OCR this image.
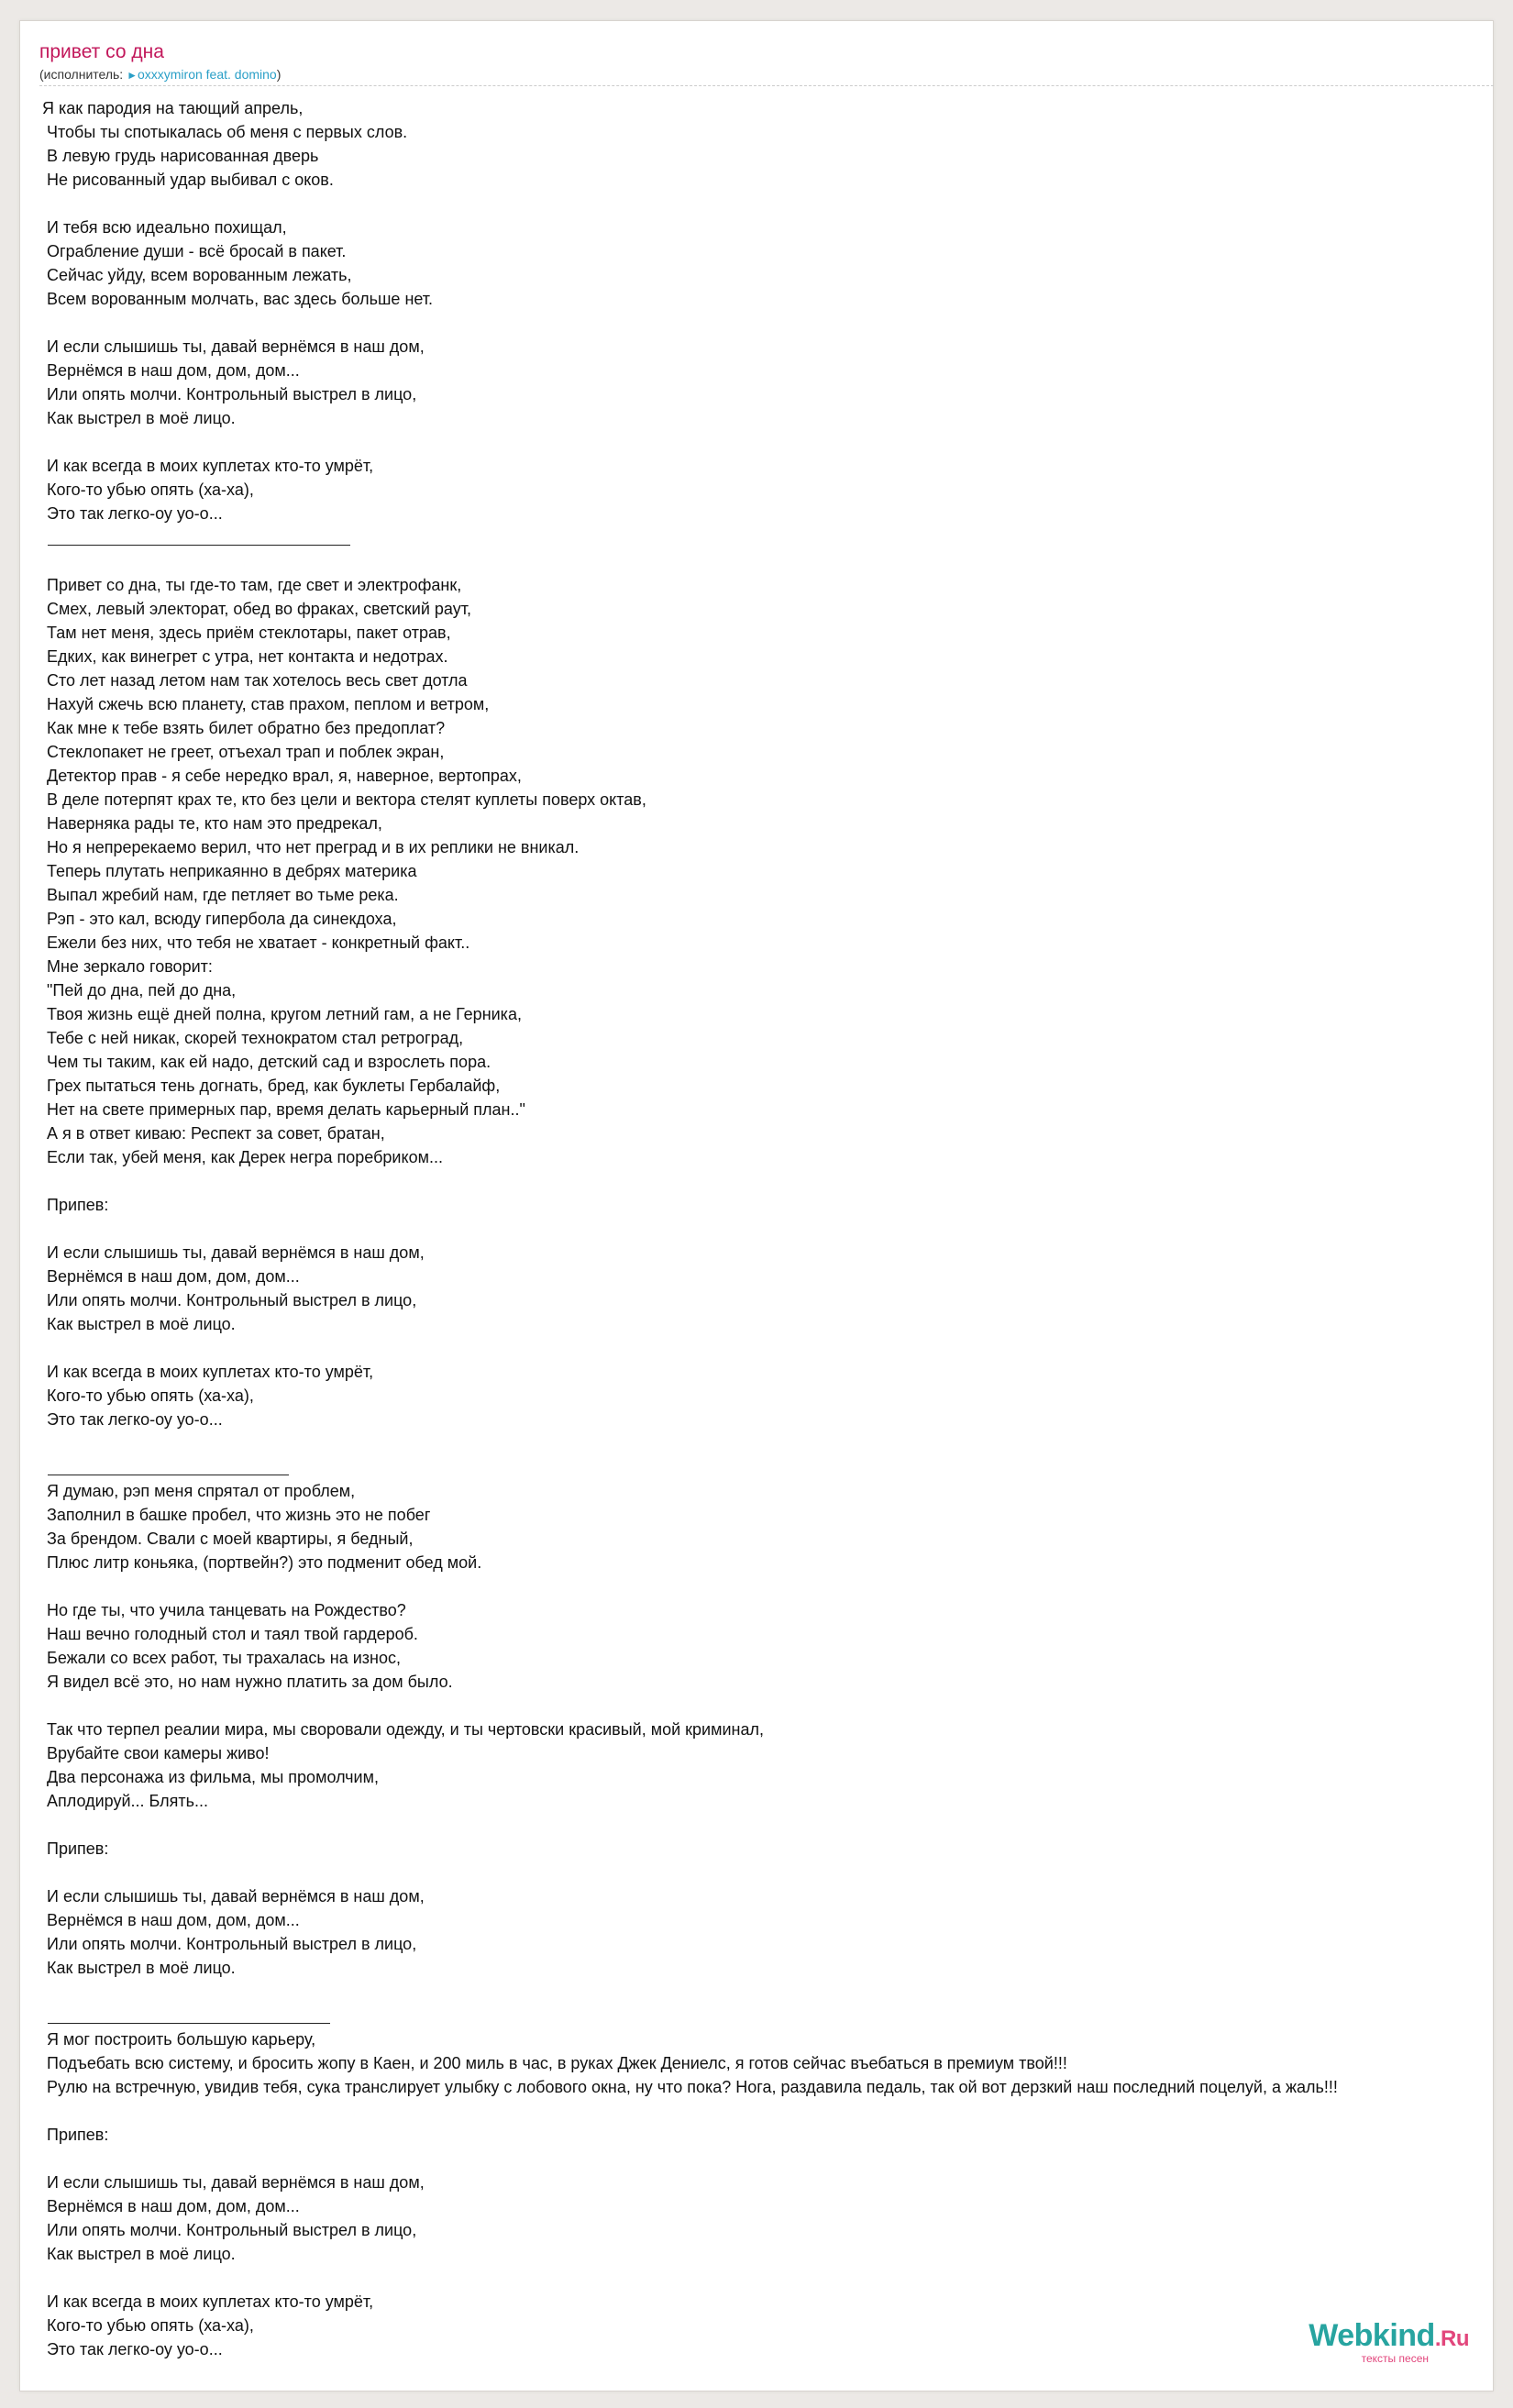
привет со дна
(исполнитель: ►oxxxymiron feat. domino)
Я как пародия на тающий апрель,
Чтобы ты спотыкалась об меня с первых слов.
В левую грудь нарисованная дверь
Не рисованный удар выбивал с оков.
И тебя всю идеально похищал,
Ограбление души - всё бросай в пакет.
Сейчас уйду, всем ворованным лежать,
Всем ворованным молчать, вас здесь больше нет.
И если слышишь ты, давай вернёмся в наш дом,
Вернёмся в наш дом, дом, дом...
Или опять молчи. Контрольный выстрел в лицо,
Как выстрел в моё лицо.
И как всегда в моих куплетах кто-то умрёт,
Кого-то убью опять (ха-ха),
Это так легко-оу уо-о...
Привет со дна, ты где-то там, где свет и электрофанк,
Смех, левый электорат, обед во фраках, светский раут,
Там нет меня, здесь приём стеклотары, пакет отрав,
Едких, как винегрет с утра, нет контакта и недотрах.
Сто лет назад летом нам так хотелось весь свет дотла
Нахуй сжечь всю планету, став прахом, пеплом и ветром,
Как мне к тебе взять билет обратно без предоплат?
Стеклопакет не греет, отъехал трап и поблек экран,
Детектор прав - я себе нередко врал, я, наверное, вертопрах,
В деле потерпят крах те, кто без цели и вектора стелят куплеты поверх октав,
Наверняка рады те, кто нам это предрекал,
Но я непререкаемо верил, что нет преград и в их реплики не вникал.
Теперь плутать неприкаянно в дебрях материка
Выпал жребий нам, где петляет во тьме река.
Рэп - это кал, всюду гипербола да синекдоха,
Ежели без них, что тебя не хватает - конкретный факт..
Мне зеркало говорит:
"Пей до дна, пей до дна,
Твоя жизнь ещё дней полна, кругом летний гам, а не Герника,
Тебе с ней никак, скорей технократом стал ретроград,
Чем ты таким, как ей надо, детский сад и взрослеть пора.
Грех пытаться тень догнать, бред, как буклеты Гербалайф,
Нет на свете примерных пар, время делать карьерный план.."
А я в ответ киваю: Респект за совет, братан,
Если так, убей меня, как Дерек негра поребриком...
Припев:
И если слышишь ты, давай вернёмся в наш дом,
Вернёмся в наш дом, дом, дом...
Или опять молчи. Контрольный выстрел в лицо,
Как выстрел в моё лицо.
И как всегда в моих куплетах кто-то умрёт,
Кого-то убью опять (ха-ха),
Это так легко-оу уо-о...
Я думаю, рэп меня спрятал от проблем,
Заполнил в башке пробел, что жизнь это не побег
За брендом. Свали с моей квартиры, я бедный,
Плюс литр коньяка, (портвейн?) это подменит обед мой.
Но где ты, что учила танцевать на Рождество?
Наш вечно голодный стол и таял твой гардероб.
Бежали со всех работ, ты трахалась на износ,
Я видел всё это, но нам нужно платить за дом было.
Так что терпел реалии мира, мы своровали одежду, и ты чертовски красивый, мой криминал,
Врубайте свои камеры живо!
Два персонажа из фильма, мы промолчим,
Аплодируй... Блять...
Припев:
И если слышишь ты, давай вернёмся в наш дом,
Вернёмся в наш дом, дом, дом...
Или опять молчи. Контрольный выстрел в лицо,
Как выстрел в моё лицо.
Я мог построить большую карьеру,
Подъебать всю систему, и бросить жопу в Каен, и 200 миль в час, в руках Джек Дениелс, я готов сейчас въебаться в премиум твой!!!
Рулю на встречную, увидив тебя, сука транслирует улыбку с лобового окна, ну что пока? Нога, раздавила педаль, так ой вот дерзкий наш последний поцелуй, а жаль!!!
Припев:
И если слышишь ты, давай вернёмся в наш дом,
Вернёмся в наш дом, дом, дом...
Или опять молчи. Контрольный выстрел в лицо,
Как выстрел в моё лицо.
И как всегда в моих куплетах кто-то умрёт,
Кого-то убью опять (ха-ха),
Это так легко-оу уо-о...	Webkind.Ru
тексты песен
